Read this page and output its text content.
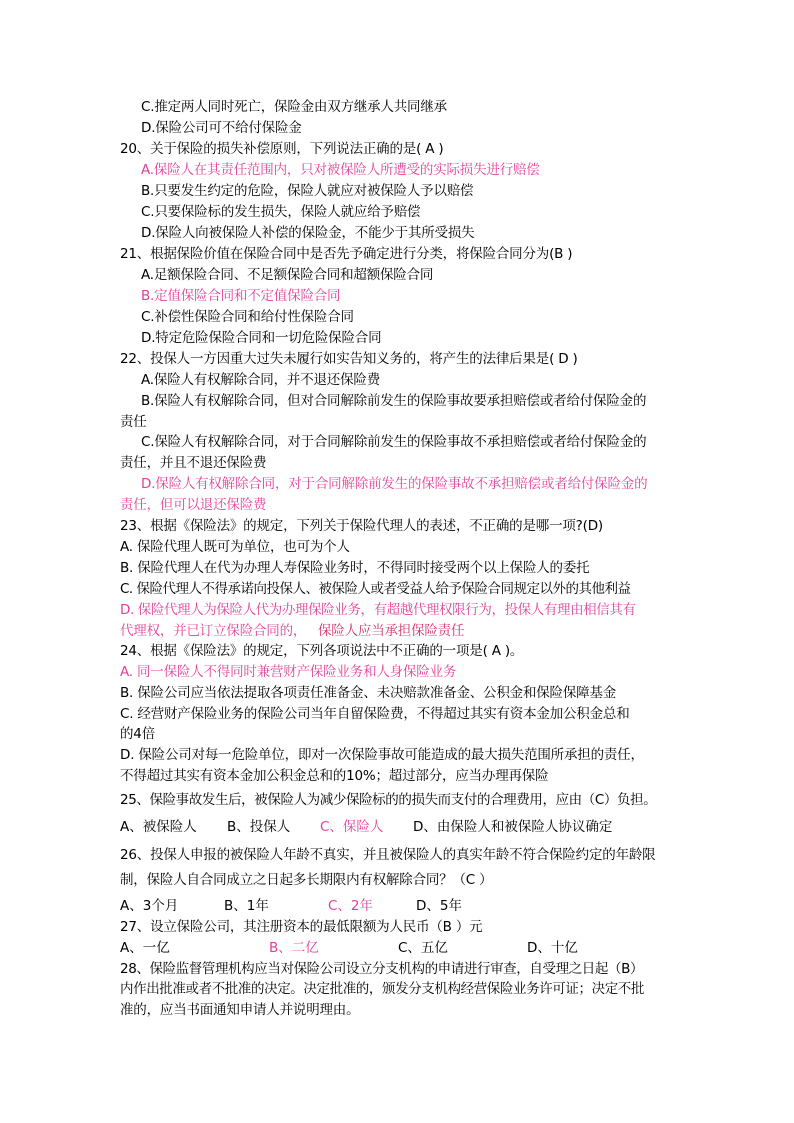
C.推定两人同时死亡，保险金由双方继承人共同继承
D.保险公司可不给付保险金
20、关于保险的损失补偿原则，下列说法正确的是( A )
A.保险人在其责任范围内，只对被保险人所遭受的实际损失进行赔偿
B.只要发生约定的危险，保险人就应对被保险人予以赔偿
C.只要保险标的发生损失，保险人就应给予赔偿
D.保险人向被保险人补偿的保险金，不能少于其所受损失
21、根据保险价值在保险合同中是否先予确定进行分类，将保险合同分为(B )
A.足额保险合同、不足额保险合同和超额保险合同
B.定值保险合同和不定值保险合同
C.补偿性保险合同和给付性保险合同
D.特定危险保险合同和一切危险保险合同
22、投保人一方因重大过失未履行如实告知义务的，将产生的法律后果是( D )
A.保险人有权解除合同，并不退还保险费
B.保险人有权解除合同，但对合同解除前发生的保险事故要承担赔偿或者给付保险金的
责任
C.保险人有权解除合同，对于合同解除前发生的保险事故不承担赔偿或者给付保险金的
责任，并且不退还保险费
D.保险人有权解除合同，对于合同解除前发生的保险事故不承担赔偿或者给付保险金的
责任，但可以退还保险费
23、根据《保险法》的规定，下列关于保险代理人的表述，不正确的是哪一项?(D)
A. 保险代理人既可为单位，也可为个人
B. 保险代理人在代为办理人寿保险业务时，不得同时接受两个以上保险人的委托
C. 保险代理人不得承诺向投保人、被保险人或者受益人给予保险合同规定以外的其他利益
D. 保险代理人为保险人代为办理保险业务，有超越代理权限行为，投保人有理由相信其有
代理权，并已订立保险合同的， 保险人应当承担保险责任
24、根据《保险法》的规定，下列各项说法中不正确的一项是( A )。
A. 同一保险人不得同时兼营财产保险业务和人身保险业务
B. 保险公司应当依法提取各项责任准备金、未决赔款准备金、公积金和保险保障基金
C. 经营财产保险业务的保险公司当年自留保险费，不得超过其实有资本金加公积金总和
的4倍
D. 保险公司对每一危险单位，即对一次保险事故可能造成的最大损失范围所承担的责任，
不得超过其实有资本金加公积金总和的10%；超过部分，应当办理再保险
25、保险事故发生后，被保险人为减少保险标的的损失而支付的合理费用，应由（C）负担。
A、被保险人 B、投保人 C、保险人 D、由保险人和被保险人协议确定
26、投保人申报的被保险人年龄不真实，并且被保险人的真实年龄不符合保险约定的年龄限
制，保险人自合同成立之日起多长期限内有权解除合同？（C ）
A、3个月	B、1年	C、2年	D、5年
27、设立保险公司，其注册资本的最低限额为人民币（B ）元
A、一亿	B、二亿	C、五亿	D、十亿
28、保险监督管理机构应当对保险公司设立分支机构的申请进行审查，自受理之日起（B）
内作出批准或者不批准的决定。决定批准的，颁发分支机构经营保险业务许可证；决定不批
准的，应当书面通知申请人并说明理由。
